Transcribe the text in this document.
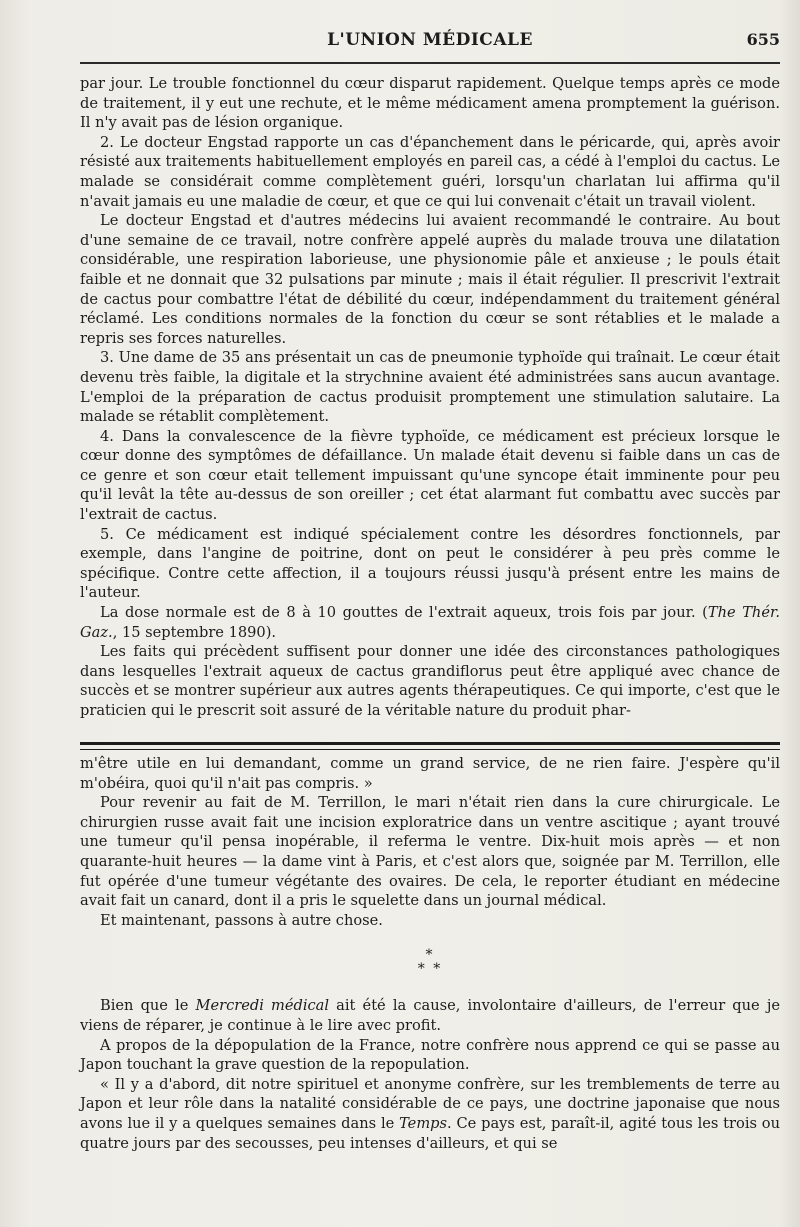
L'UNION MÉDICALE	655

par jour. Le trouble fonctionnel du cœur disparut rapidement. Quelque temps après ce mode de traitement, il y eut une rechute, et le même médicament amena promptement la guérison. Il n'y avait pas de lésion organique.

2. Le docteur Engstad rapporte un cas d'épanchement dans le péricarde, qui, après avoir résisté aux traitements habituellement employés en pareil cas, a cédé à l'emploi du cactus. Le malade se considérait comme complètement guéri, lorsqu'un charlatan lui affirma qu'il n'avait jamais eu une maladie de cœur, et que ce qui lui convenait c'était un travail violent.

Le docteur Engstad et d'autres médecins lui avaient recommandé le contraire. Au bout d'une semaine de ce travail, notre confrère appelé auprès du malade trouva une dilatation considérable, une respiration laborieuse, une physionomie pâle et anxieuse ; le pouls était faible et ne donnait que 32 pulsations par minute ; mais il était régulier. Il prescrivit l'extrait de cactus pour combattre l'état de débilité du cœur, indépendamment du traitement général réclamé. Les conditions normales de la fonction du cœur se sont rétablies et le malade a repris ses forces naturelles.

3. Une dame de 35 ans présentait un cas de pneumonie typhoïde qui traînait. Le cœur était devenu très faible, la digitale et la strychnine avaient été administrées sans aucun avantage. L'emploi de la préparation de cactus produisit promptement une stimulation salutaire. La malade se rétablit complètement.

4. Dans la convalescence de la fièvre typhoïde, ce médicament est précieux lorsque le cœur donne des symptômes de défaillance. Un malade était devenu si faible dans un cas de ce genre et son cœur etait tellement impuissant qu'une syncope était imminente pour peu qu'il levât la tête au-dessus de son oreiller ; cet état alarmant fut combattu avec succès par l'extrait de cactus.

5. Ce médicament est indiqué spécialement contre les désordres fonctionnels, par exemple, dans l'angine de poitrine, dont on peut le considérer à peu près comme le spécifique. Contre cette affection, il a toujours réussi jusqu'à présent entre les mains de l'auteur.

La dose normale est de 8 à 10 gouttes de l'extrait aqueux, trois fois par jour. (The Thér. Gaz., 15 septembre 1890).

Les faits qui précèdent suffisent pour donner une idée des circonstances pathologiques dans lesquelles l'extrait aqueux de cactus grandiflorus peut être appliqué avec chance de succès et se montrer supérieur aux autres agents thérapeutiques. Ce qui importe, c'est que le praticien qui le prescrit soit assuré de la véritable nature du produit phar-

m'être utile en lui demandant, comme un grand service, de ne rien faire. J'espère qu'il m'obéira, quoi qu'il n'ait pas compris. »

Pour revenir au fait de M. Terrillon, le mari n'était rien dans la cure chirurgicale. Le chirurgien russe avait fait une incision exploratrice dans un ventre ascitique ; ayant trouvé une tumeur qu'il pensa inopérable, il referma le ventre. Dix-huit mois après — et non quarante-huit heures — la dame vint à Paris, et c'est alors que, soignée par M. Terrillon, elle fut opérée d'une tumeur végétante des ovaires. De cela, le reporter étudiant en médecine avait fait un canard, dont il a pris le squelette dans un journal médical.

Et maintenant, passons à autre chose.

*
* *

Bien que le Mercredi médical ait été la cause, involontaire d'ailleurs, de l'erreur que je viens de réparer, je continue à le lire avec profit.

A propos de la dépopulation de la France, notre confrère nous apprend ce qui se passe au Japon touchant la grave question de la repopulation.

« Il y a d'abord, dit notre spirituel et anonyme confrère, sur les tremblements de terre au Japon et leur rôle dans la natalité considérable de ce pays, une doctrine japonaise que nous avons lue il y a quelques semaines dans le Temps. Ce pays est, paraît-il, agité tous les trois ou quatre jours par des secousses, peu intenses d'ailleurs, et qui se
